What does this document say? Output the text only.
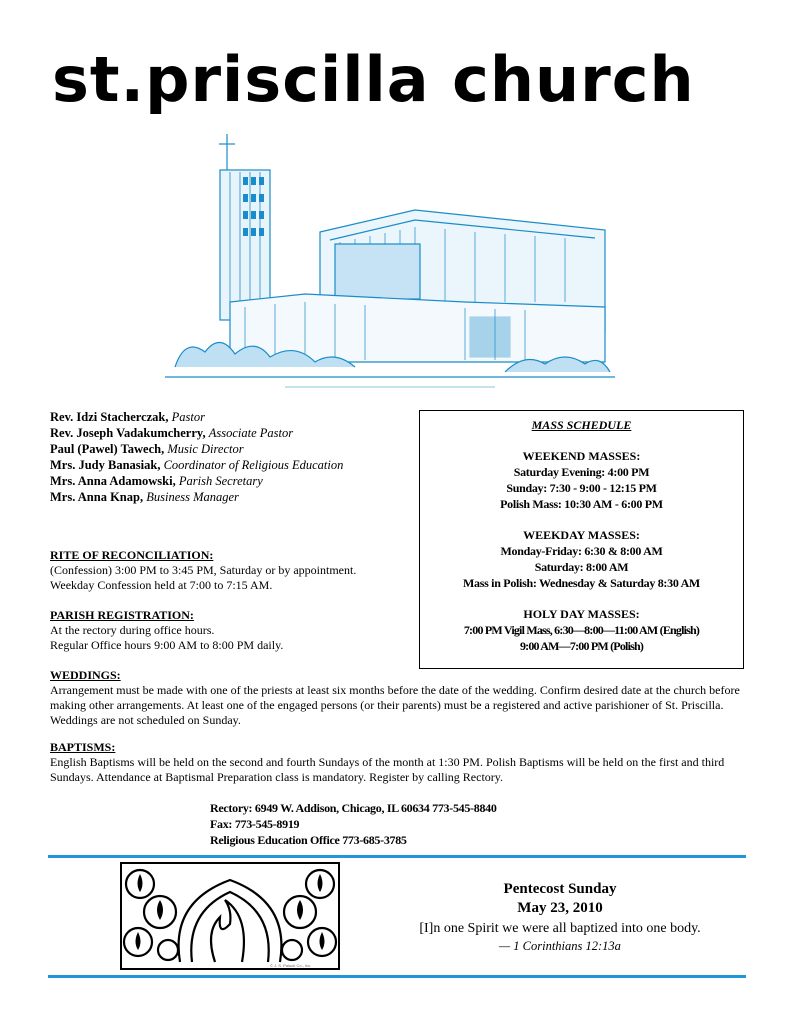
st.priscilla church
Rev. Idzi Stacherczak, Pastor
Rev. Joseph Vadakumcherry, Associate Pastor
Paul (Pawel) Tawech, Music Director
Mrs. Judy Banasiak, Coordinator of Religious Education
Mrs. Anna Adamowski, Parish Secretary
Mrs. Anna Knap, Business Manager
MASS SCHEDULE
WEEKEND MASSES:
Saturday Evening: 4:00 PM
Sunday: 7:30 - 9:00 - 12:15 PM
Polish Mass: 10:30 AM - 6:00 PM
WEEKDAY MASSES:
Monday-Friday: 6:30 & 8:00 AM
Saturday: 8:00 AM
Mass in Polish: Wednesday & Saturday 8:30 AM
HOLY DAY MASSES:
7:00 PM Vigil Mass, 6:30—8:00—11:00 AM (English)
9:00 AM—7:00 PM (Polish)
RITE OF RECONCILIATION:
(Confession) 3:00 PM to 3:45 PM, Saturday or by appointment.
Weekday Confession held at 7:00 to 7:15 AM.
PARISH REGISTRATION:
At the rectory during office hours.
Regular Office hours 9:00 AM to 8:00 PM daily.
WEDDINGS:
Arrangement must be made with one of the priests at least six months before the date of the wedding. Confirm desired date at the church before making other arrangements. At least one of the engaged persons (or their parents) must be a registered and active parishioner of St. Priscilla. Weddings are not scheduled on Sunday.
BAPTISMS:
English Baptisms will be held on the second and fourth Sundays of the month at 1:30 PM. Polish Baptisms will be held on the first and third Sundays. Attendance at Baptismal Preparation class is mandatory. Register by calling Rectory.
Rectory: 6949 W. Addison, Chicago, IL 60634 773-545-8840
Fax: 773-545-8919
Religious Education Office 773-685-3785
© J. S. Paluch Co., Inc.
Pentecost Sunday
May 23, 2010
[I]n one Spirit we were all baptized into one body.
— 1 Corinthians 12:13a
